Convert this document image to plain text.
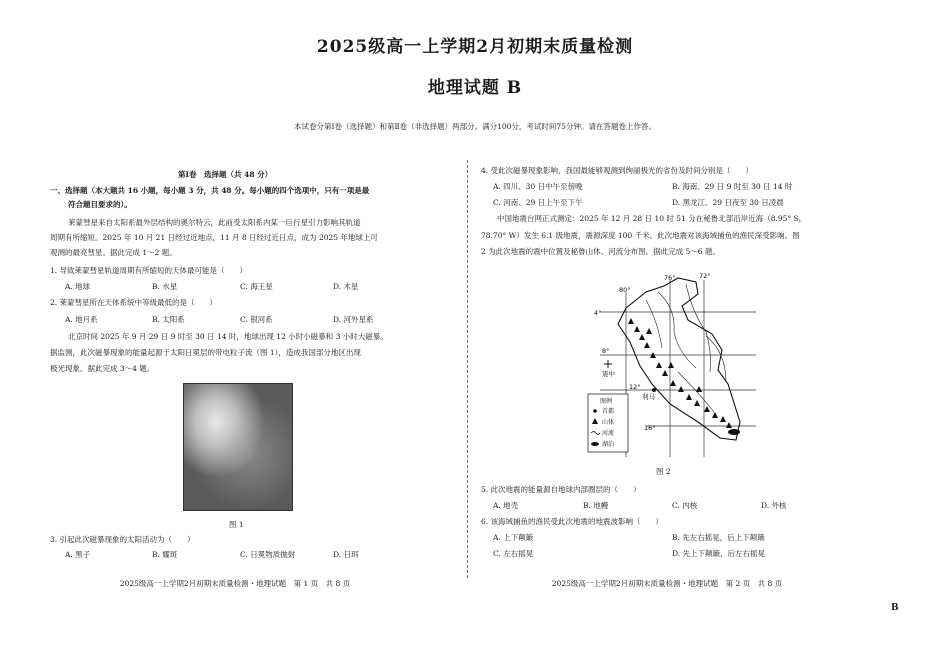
2025级高一上学期2月初期末质量检测
地理试题 B
本试卷分第Ⅰ卷（选择题）和第Ⅱ卷（非选择题）两部分。满分100分，考试时间75分钟。请在答题卷上作答。
第Ⅰ卷　选择题（共 48 分）
一、选择题（本大题共 16 小题，每小题 3 分，共 48 分。每小题的四个选项中，只有一项是最
符合题目要求的）。
莱蒙彗星来自太阳系最外层结构的奥尔特云，此前受太阳系内某一巨行星引力影响其轨道
周期有所缩短。2025 年 10 月 21 日经过近地点，11 月 8 日经过近日点，成为 2025 年地球上可
观测的最亮彗星。据此完成 1～2 题。
1. 导致莱蒙彗星轨道周期有所缩短的天体最可能是（　　）
A. 地球	B. 水星	C. 海王星	D. 木星
2. 莱蒙彗星所在天体系统中等级最低的是（　　）
A. 地月系	B. 太阳系	C. 银河系	D. 河外星系
北京时间 2025 年 9 月 29 日 9 时至 30 日 14 时，地球出现 12 小时小磁暴和 3 小时大磁暴。
据监测，此次磁暴现象的能量起源于太阳日冕层的带电粒子流（图 1），造成我国部分地区出现
极光现象。据此完成 3～4 题。
图 1
3. 引起此次磁暴现象的太阳活动为（　　）
A. 黑子	B. 耀斑	C. 日冕物质抛射	D. 日珥
2025级高一上学期2月初期末质量检测・地理试题　第 1 页　共 8 页
4. 受此次磁暴现象影响，我国最能够观测到绚丽极光的省份及时间分别是（　　）
A. 四川、30 日中午至傍晚	B. 海南、29 日 9 时至 30 日 14 时
C. 河南、29 日上午至下午	D. 黑龙江、29 日夜至 30 日凌晨
中国地震台网正式测定：2025 年 12 月 28 日 10 时 51 分在秘鲁北部沿岸近海（8.95° S，
78.70° W）发生 6.1 级地震，震源深度 100 千米。此次地震对该海域捕鱼的渔民深受影响。图
2 为此次地震的震中位置及秘鲁山体、河流分布图。据此完成 5～6 题。
76°	72°
80°
4°
8°
12°
16°
震中
利马
图例
首都
山体
河流
湖泊
图 2
5. 此次地震的能量源自地球内部圈层的（　　）
A. 地壳	B. 地幔	C. 内核	D. 外核
6. 该海域捕鱼的渔民受此次地震的地震波影响（　　）
A. 上下颠簸	B. 先左右摇晃，后上下颠簸
C. 左右摇晃	D. 先上下颠簸，后左右摇晃
2025级高一上学期2月初期末质量检测・地理试题　第 2 页　共 8 页
B
